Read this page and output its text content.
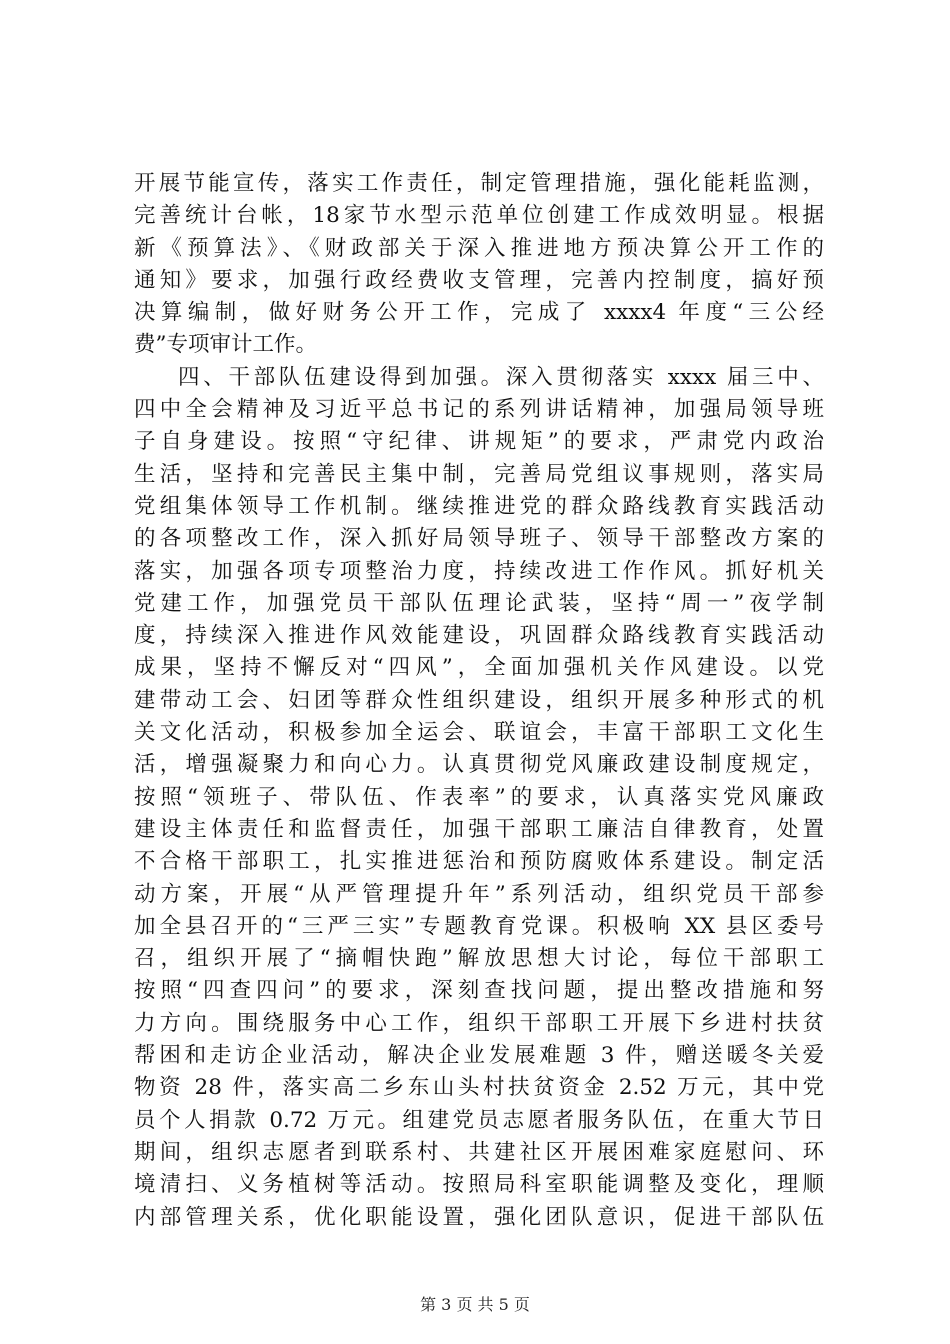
开展节能宣传，落实工作责任，制定管理措施，强化能耗监测，
完善统计台帐，18家节水型示范单位创建工作成效明显。根据
新《预算法》、《财政部关于深入推进地方预决算公开工作的
通知》要求，加强行政经费收支管理，完善内控制度，搞好预
决算编制，做好财务公开工作，完成了 xxxx4 年度“三公经
费”专项审计工作。
四、干部队伍建设得到加强。深入贯彻落实 xxxx 届三中、
四中全会精神及习近平总书记的系列讲话精神，加强局领导班
子自身建设。按照“守纪律、讲规矩”的要求，严肃党内政治
生活，坚持和完善民主集中制，完善局党组议事规则，落实局
党组集体领导工作机制。继续推进党的群众路线教育实践活动
的各项整改工作，深入抓好局领导班子、领导干部整改方案的
落实，加强各项专项整治力度，持续改进工作作风。抓好机关
党建工作，加强党员干部队伍理论武装，坚持“周一”夜学制
度，持续深入推进作风效能建设，巩固群众路线教育实践活动
成果，坚持不懈反对“四风”，全面加强机关作风建设。以党
建带动工会、妇团等群众性组织建设，组织开展多种形式的机
关文化活动，积极参加全运会、联谊会，丰富干部职工文化生
活，增强凝聚力和向心力。认真贯彻党风廉政建设制度规定，
按照“领班子、带队伍、作表率”的要求，认真落实党风廉政
建设主体责任和监督责任，加强干部职工廉洁自律教育，处置
不合格干部职工，扎实推进惩治和预防腐败体系建设。制定活
动方案，开展“从严管理提升年”系列活动，组织党员干部参
加全县召开的“三严三实”专题教育党课。积极响 XX 县区委号
召，组织开展了“摘帽快跑”解放思想大讨论，每位干部职工
按照“四查四问”的要求，深刻查找问题，提出整改措施和努
力方向。围绕服务中心工作，组织干部职工开展下乡进村扶贫
帮困和走访企业活动，解决企业发展难题 3 件，赠送暖冬关爱
物资 28 件，落实高二乡东山头村扶贫资金 2.52 万元，其中党
员个人捐款 0.72 万元。组建党员志愿者服务队伍，在重大节日
期间，组织志愿者到联系村、共建社区开展困难家庭慰问、环
境清扫、义务植树等活动。按照局科室职能调整及变化，理顺
内部管理关系，优化职能设置，强化团队意识，促进干部队伍
第 3 页 共 5 页
